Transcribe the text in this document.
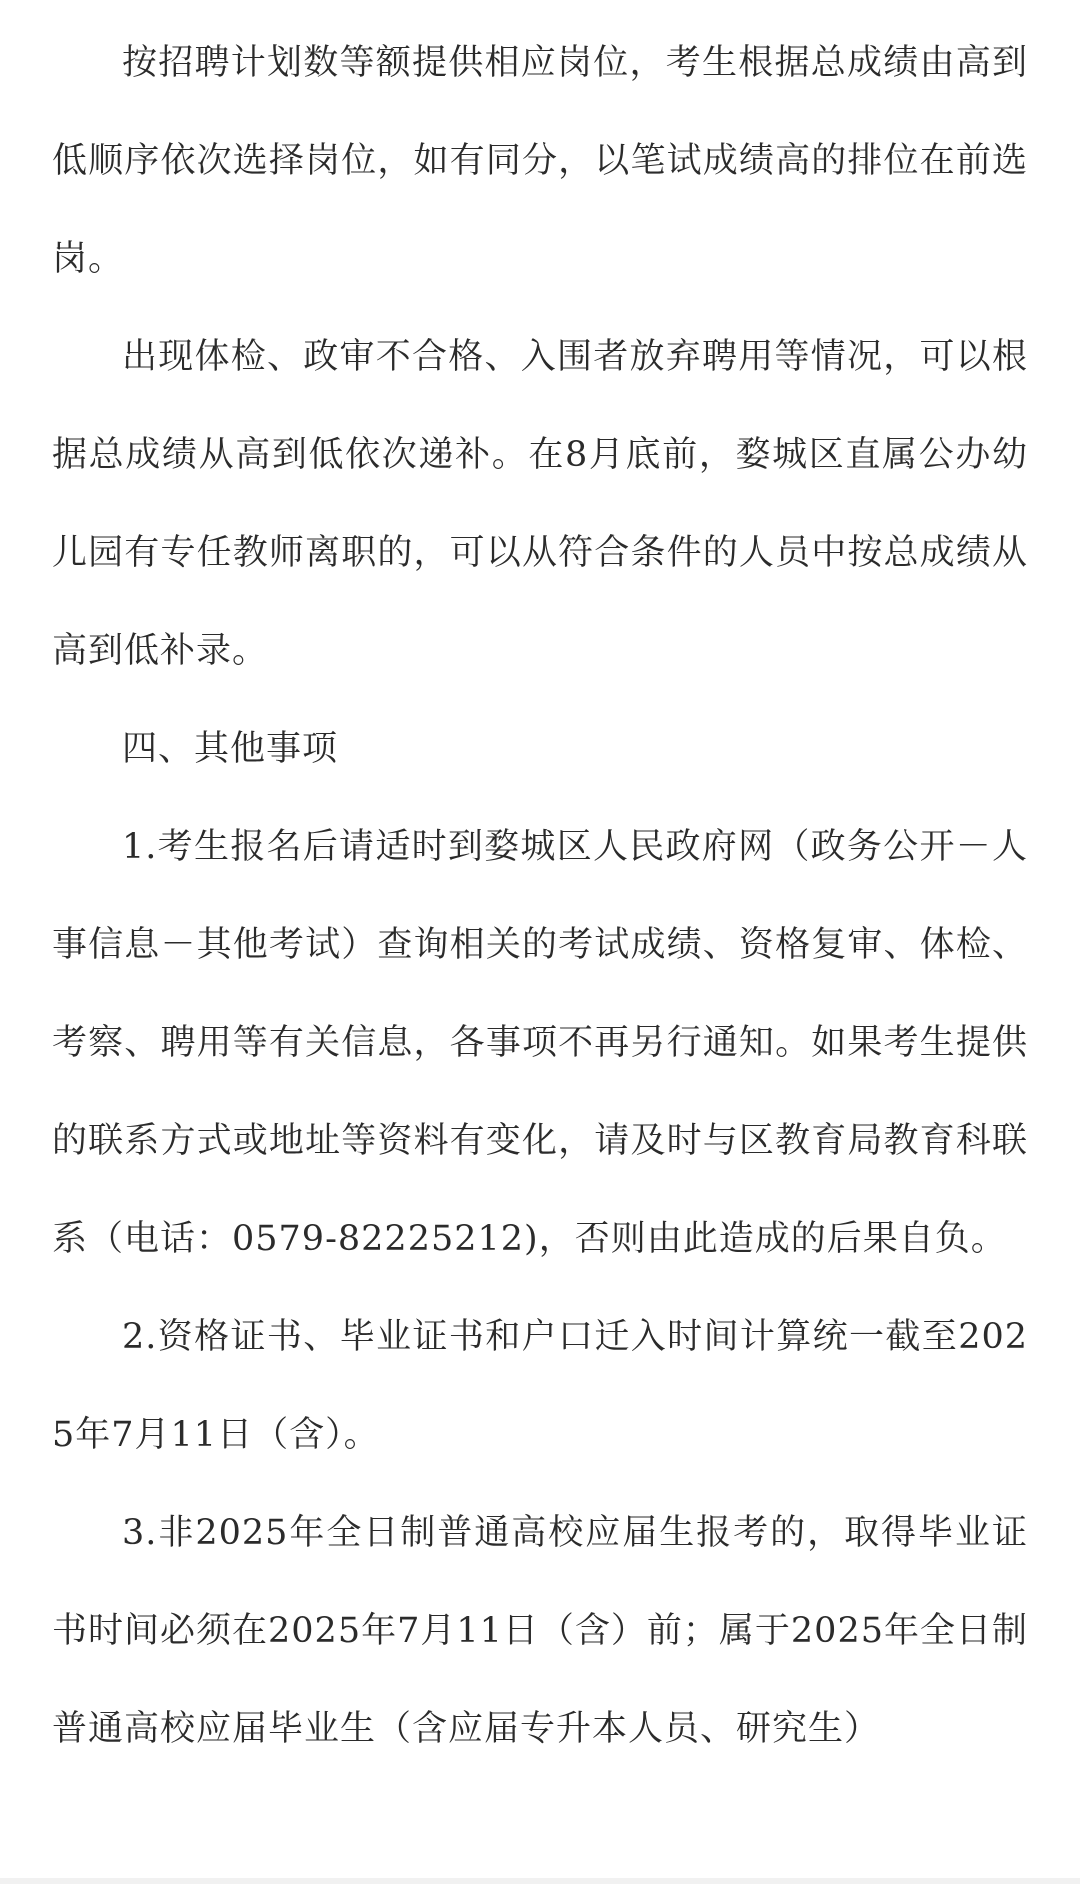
按招聘计划数等额提供相应岗位，考生根据总成绩由高到低顺序依次选择岗位，如有同分，以笔试成绩高的排位在前选岗。

出现体检、政审不合格、入围者放弃聘用等情况，可以根据总成绩从高到低依次递补。在8月底前，婺城区直属公办幼儿园有专任教师离职的，可以从符合条件的人员中按总成绩从高到低补录。

四、其他事项

1.考生报名后请适时到婺城区人民政府网（政务公开－人事信息－其他考试）查询相关的考试成绩、资格复审、体检、考察、聘用等有关信息，各事项不再另行通知。如果考生提供的联系方式或地址等资料有变化，请及时与区教育局教育科联系（电话：0579-82225212)，否则由此造成的后果自负。

2.资格证书、毕业证书和户口迁入时间计算统一截至2025年7月11日（含）。

3.非2025年全日制普通高校应届生报考的，取得毕业证书时间必须在2025年7月11日（含）前；属于2025年全日制普通高校应届毕业生（含应届专升本人员、研究生）
